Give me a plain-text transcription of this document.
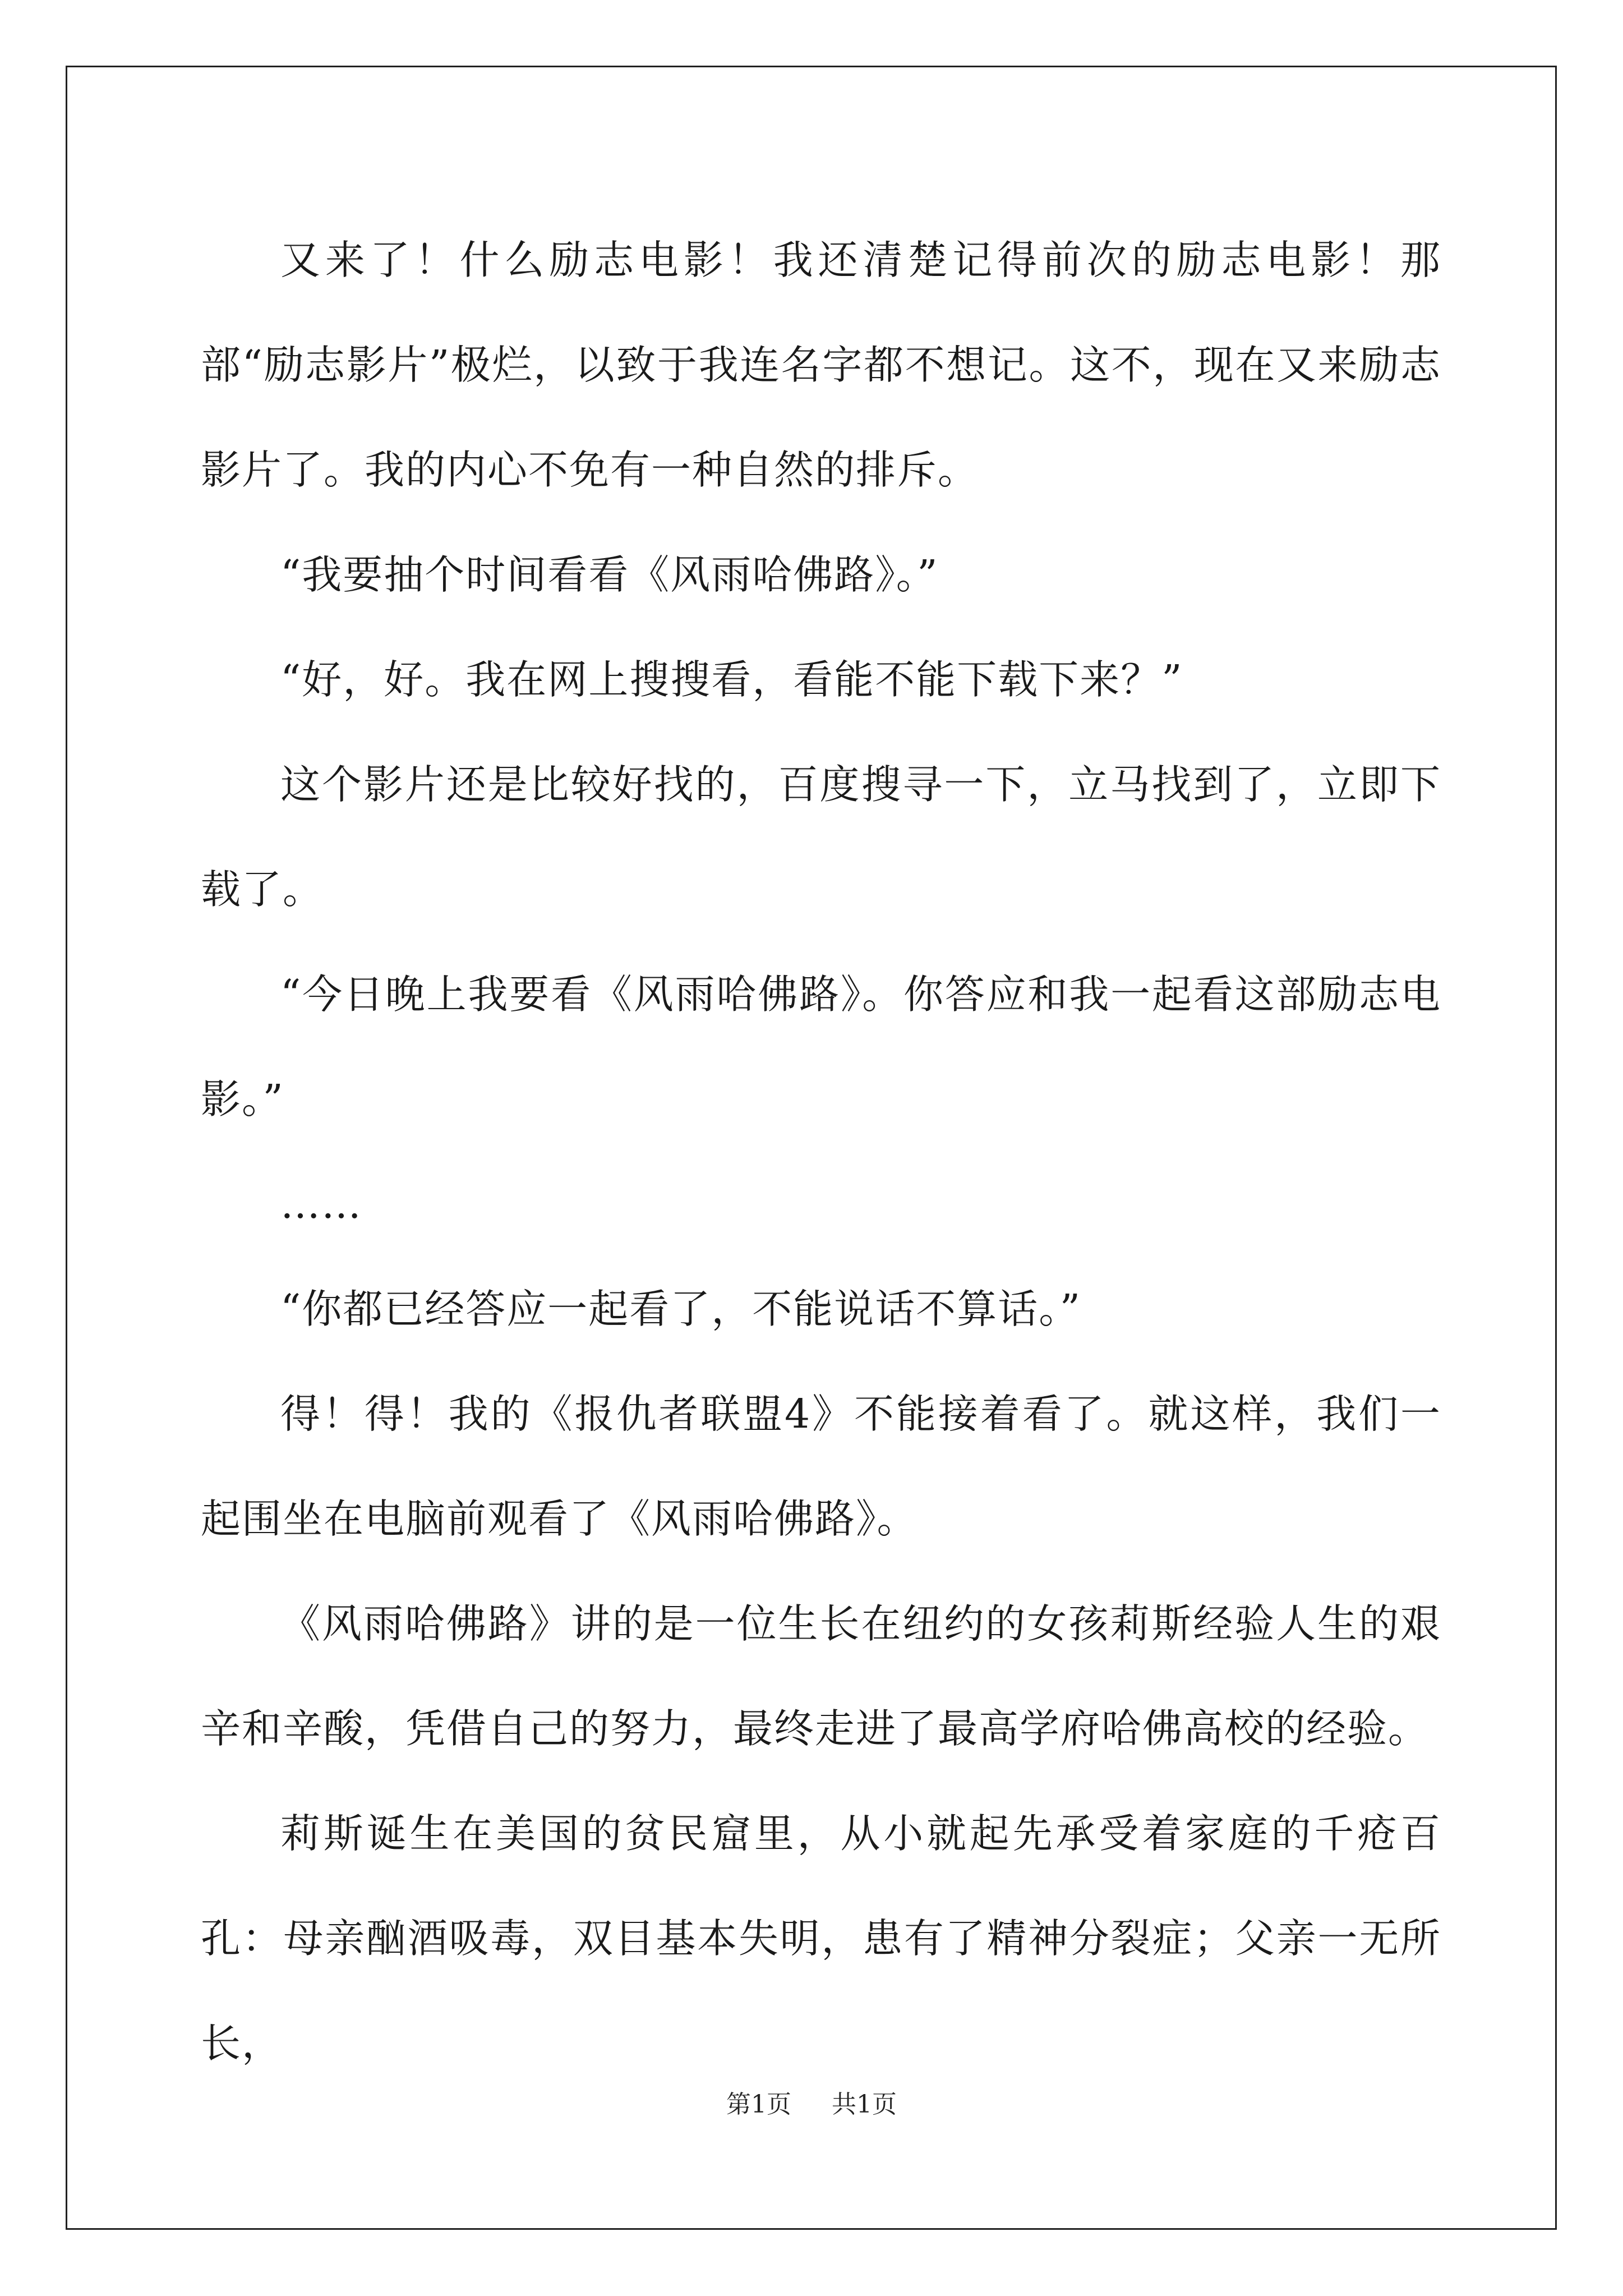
又来了！什么励志电影！我还清楚记得前次的励志电影！那部“励志影片”极烂，以致于我连名字都不想记。这不，现在又来励志影片了。我的内心不免有一种自然的排斥。

“我要抽个时间看看《风雨哈佛路》。”

“好，好。我在网上搜搜看，看能不能下载下来？”

这个影片还是比较好找的，百度搜寻一下，立马找到了，立即下载了。

“今日晚上我要看《风雨哈佛路》。你答应和我一起看这部励志电影。”

……

“你都已经答应一起看了，不能说话不算话。”

得！得！我的《报仇者联盟4》不能接着看了。就这样，我们一起围坐在电脑前观看了《风雨哈佛路》。

《风雨哈佛路》讲的是一位生长在纽约的女孩莉斯经验人生的艰辛和辛酸，凭借自己的努力，最终走进了最高学府哈佛高校的经验。

莉斯诞生在美国的贫民窟里，从小就起先承受着家庭的千疮百孔：母亲酗酒吸毒，双目基本失明，患有了精神分裂症；父亲一无所长，

第1页 共1页
